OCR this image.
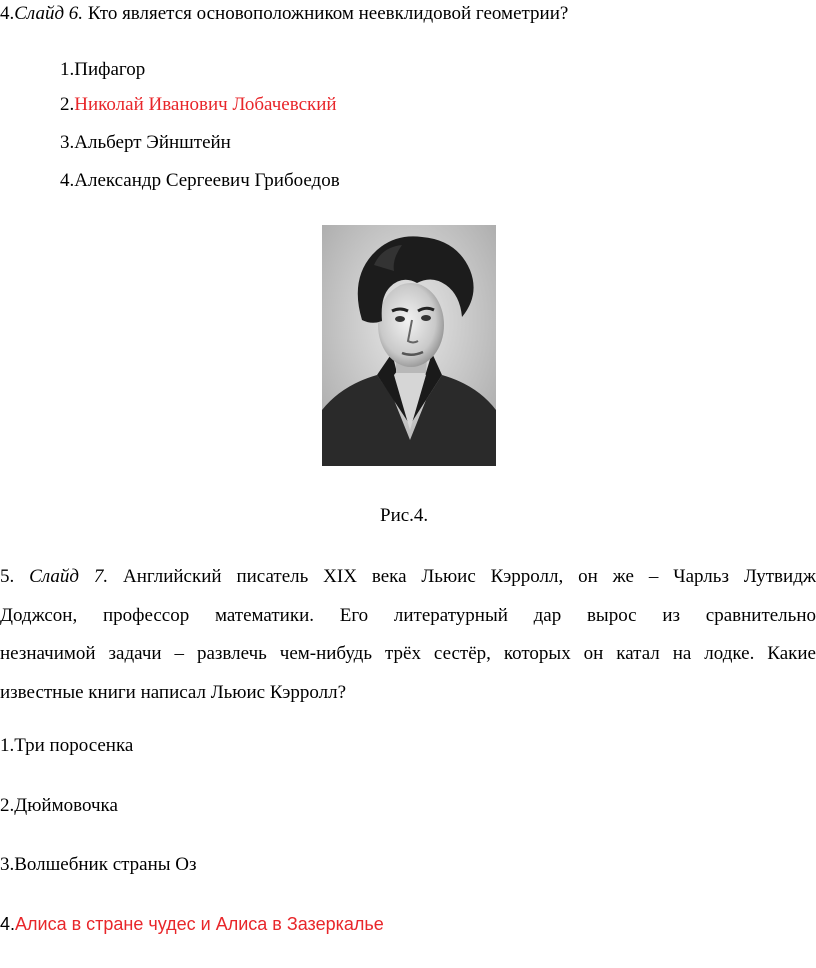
4.Слайд 6. Кто является основоположником неевклидовой геометрии?
1.Пифагор
2.Николай Иванович Лобачевский
3.Альберт Эйнштейн
4.Александр Сергеевич Грибоедов
Рис.4.
5. Слайд 7. Английский писатель XIX века Льюис Кэрролл, он же – Чарльз Лутвидж
Доджсон, профессор математики. Его литературный дар вырос из сравнительно
незначимой задачи – развлечь чем-нибудь трёх сестёр, которых он катал на лодке. Какие
известные книги написал Льюис Кэрролл?
1.Три поросенка
2.Дюймовочка
3.Волшебник страны Оз
4.Алиса в стране чудес и Алиса в Зазеркалье
